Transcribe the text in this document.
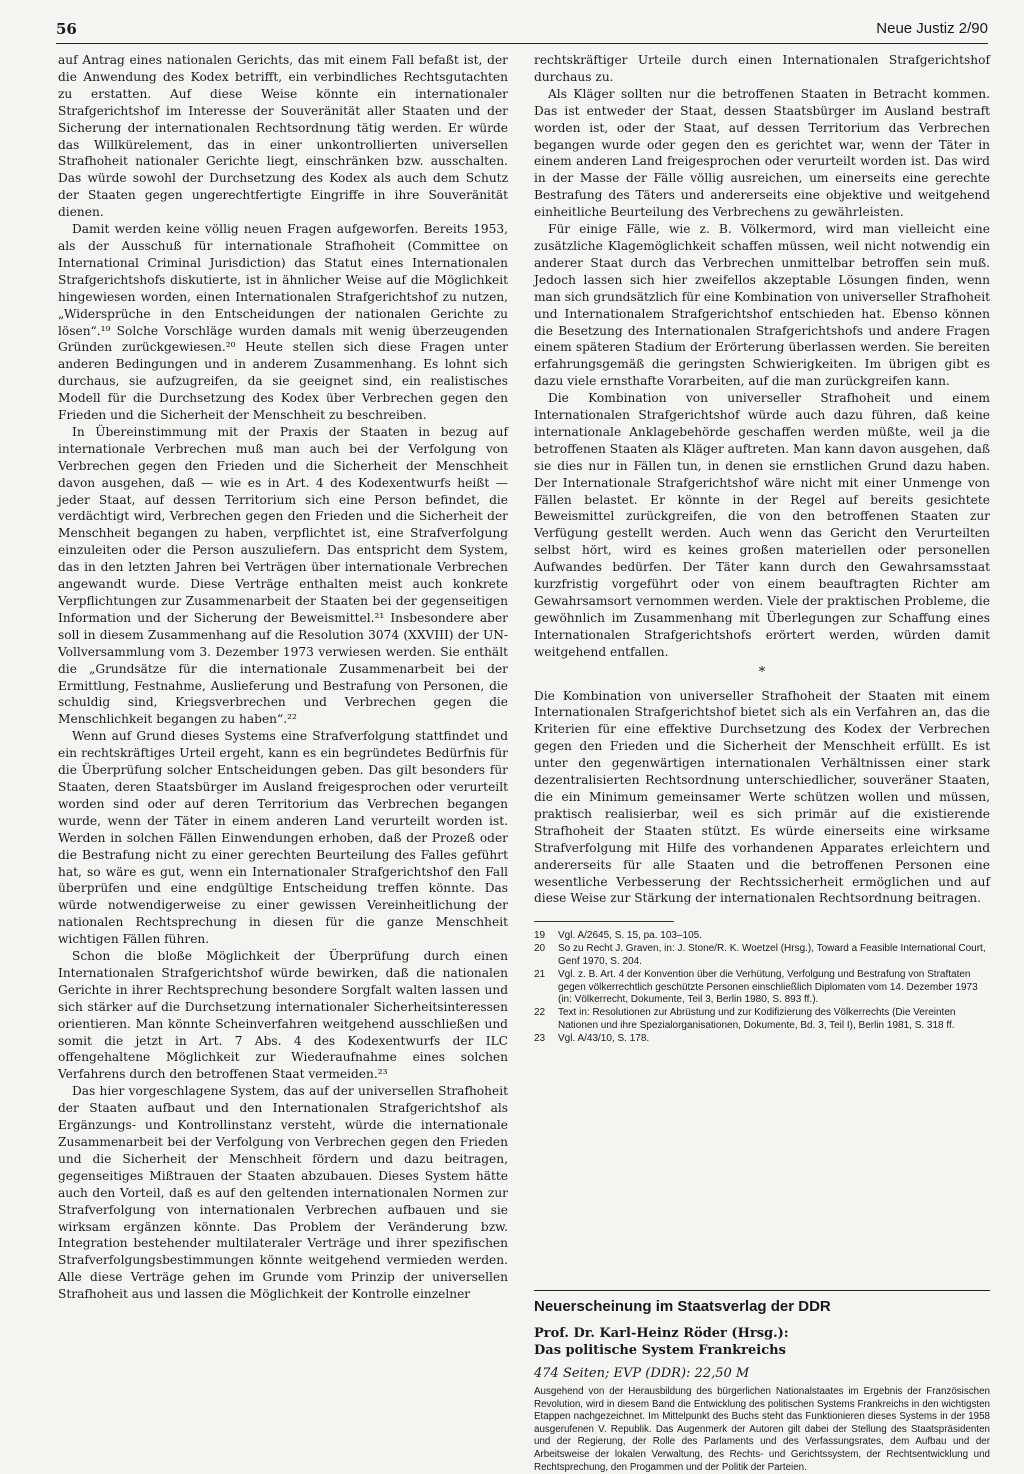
56	Neue Justiz 2/90

auf Antrag eines nationalen Gerichts, das mit einem Fall befaßt ist, der die Anwendung des Kodex betrifft, ein verbindliches Rechtsgutachten zu erstatten. Auf diese Weise könnte ein internationaler Strafgerichtshof im Interesse der Souveränität aller Staaten und der Sicherung der internationalen Rechtsordnung tätig werden. Er würde das Willkürelement, das in einer unkontrollierten universellen Strafhoheit nationaler Gerichte liegt, einschränken bzw. ausschalten. Das würde sowohl der Durchsetzung des Kodex als auch dem Schutz der Staaten gegen ungerechtfertigte Eingriffe in ihre Souveränität dienen.

Damit werden keine völlig neuen Fragen aufgeworfen. Bereits 1953, als der Ausschuß für internationale Strafhoheit (Committee on International Criminal Jurisdiction) das Statut eines Internationalen Strafgerichtshofs diskutierte, ist in ähnlicher Weise auf die Möglichkeit hingewiesen worden, einen Internationalen Strafgerichtshof zu nutzen, „Widersprüche in den Entscheidungen der nationalen Gerichte zu lösen“.¹⁹ Solche Vorschläge wurden damals mit wenig überzeugenden Gründen zurückgewiesen.²⁰ Heute stellen sich diese Fragen unter anderen Bedingungen und in anderem Zusammenhang. Es lohnt sich durchaus, sie aufzugreifen, da sie geeignet sind, ein realistisches Modell für die Durchsetzung des Kodex über Verbrechen gegen den Frieden und die Sicherheit der Menschheit zu beschreiben.

In Übereinstimmung mit der Praxis der Staaten in bezug auf internationale Verbrechen muß man auch bei der Verfolgung von Verbrechen gegen den Frieden und die Sicherheit der Menschheit davon ausgehen, daß — wie es in Art. 4 des Kodexentwurfs heißt — jeder Staat, auf dessen Territorium sich eine Person befindet, die verdächtigt wird, Verbrechen gegen den Frieden und die Sicherheit der Menschheit begangen zu haben, verpflichtet ist, eine Strafverfolgung einzuleiten oder die Person auszuliefern. Das entspricht dem System, das in den letzten Jahren bei Verträgen über internationale Verbrechen angewandt wurde. Diese Verträge enthalten meist auch konkrete Verpflichtungen zur Zusammenarbeit der Staaten bei der gegenseitigen Information und der Sicherung der Beweismittel.²¹ Insbesondere aber soll in diesem Zusammenhang auf die Resolution 3074 (XXVIII) der UN-Vollversammlung vom 3. Dezember 1973 verwiesen werden. Sie enthält die „Grundsätze für die internationale Zusammenarbeit bei der Ermittlung, Festnahme, Auslieferung und Bestrafung von Personen, die schuldig sind, Kriegsverbrechen und Verbrechen gegen die Menschlichkeit begangen zu haben“.²²

Wenn auf Grund dieses Systems eine Strafverfolgung stattfindet und ein rechtskräftiges Urteil ergeht, kann es ein begründetes Bedürfnis für die Überprüfung solcher Entscheidungen geben. Das gilt besonders für Staaten, deren Staatsbürger im Ausland freigesprochen oder verurteilt worden sind oder auf deren Territorium das Verbrechen begangen wurde, wenn der Täter in einem anderen Land verurteilt worden ist. Werden in solchen Fällen Einwendungen erhoben, daß der Prozeß oder die Bestrafung nicht zu einer gerechten Beurteilung des Falles geführt hat, so wäre es gut, wenn ein Internationaler Strafgerichtshof den Fall überprüfen und eine endgültige Entscheidung treffen könnte. Das würde notwendigerweise zu einer gewissen Vereinheitlichung der nationalen Rechtsprechung in diesen für die ganze Menschheit wichtigen Fällen führen.

Schon die bloße Möglichkeit der Überprüfung durch einen Internationalen Strafgerichtshof würde bewirken, daß die nationalen Gerichte in ihrer Rechtsprechung besondere Sorgfalt walten lassen und sich stärker auf die Durchsetzung internationaler Sicherheitsinteressen orientieren. Man könnte Scheinverfahren weitgehend ausschließen und somit die jetzt in Art. 7 Abs. 4 des Kodexentwurfs der ILC offengehaltene Möglichkeit zur Wiederaufnahme eines solchen Verfahrens durch den betroffenen Staat vermeiden.²³

Das hier vorgeschlagene System, das auf der universellen Strafhoheit der Staaten aufbaut und den Internationalen Strafgerichtshof als Ergänzungs- und Kontrollinstanz versteht, würde die internationale Zusammenarbeit bei der Verfolgung von Verbrechen gegen den Frieden und die Sicherheit der Menschheit fördern und dazu beitragen, gegenseitiges Mißtrauen der Staaten abzubauen. Dieses System hätte auch den Vorteil, daß es auf den geltenden internationalen Normen zur Strafverfolgung von internationalen Verbrechen aufbauen und sie wirksam ergänzen könnte. Das Problem der Veränderung bzw. Integration bestehender multilateraler Verträge und ihrer spezifischen Strafverfolgungsbestimmungen könnte weitgehend vermieden werden. Alle diese Verträge gehen im Grunde vom Prinzip der universellen Strafhoheit aus und lassen die Möglichkeit der Kontrolle einzelner

rechtskräftiger Urteile durch einen Internationalen Strafgerichtshof durchaus zu.

Als Kläger sollten nur die betroffenen Staaten in Betracht kommen. Das ist entweder der Staat, dessen Staatsbürger im Ausland bestraft worden ist, oder der Staat, auf dessen Territorium das Verbrechen begangen wurde oder gegen den es gerichtet war, wenn der Täter in einem anderen Land freigesprochen oder verurteilt worden ist. Das wird in der Masse der Fälle völlig ausreichen, um einerseits eine gerechte Bestrafung des Täters und andererseits eine objektive und weitgehend einheitliche Beurteilung des Verbrechens zu gewährleisten.

Für einige Fälle, wie z. B. Völkermord, wird man vielleicht eine zusätzliche Klagemöglichkeit schaffen müssen, weil nicht notwendig ein anderer Staat durch das Verbrechen unmittelbar betroffen sein muß. Jedoch lassen sich hier zweifellos akzeptable Lösungen finden, wenn man sich grundsätzlich für eine Kombination von universeller Strafhoheit und Internationalem Strafgerichtshof entschieden hat. Ebenso können die Besetzung des Internationalen Strafgerichtshofs und andere Fragen einem späteren Stadium der Erörterung überlassen werden. Sie bereiten erfahrungsgemäß die geringsten Schwierigkeiten. Im übrigen gibt es dazu viele ernsthafte Vorarbeiten, auf die man zurückgreifen kann.

Die Kombination von universeller Strafhoheit und einem Internationalen Strafgerichtshof würde auch dazu führen, daß keine internationale Anklagebehörde geschaffen werden müßte, weil ja die betroffenen Staaten als Kläger auftreten. Man kann davon ausgehen, daß sie dies nur in Fällen tun, in denen sie ernstlichen Grund dazu haben. Der Internationale Strafgerichtshof wäre nicht mit einer Unmenge von Fällen belastet. Er könnte in der Regel auf bereits gesichtete Beweismittel zurückgreifen, die von den betroffenen Staaten zur Verfügung gestellt werden. Auch wenn das Gericht den Verurteilten selbst hört, wird es keines großen materiellen oder personellen Aufwandes bedürfen. Der Täter kann durch den Gewahrsamsstaat kurzfristig vorgeführt oder von einem beauftragten Richter am Gewahrsamsort vernommen werden. Viele der praktischen Probleme, die gewöhnlich im Zusammenhang mit Überlegungen zur Schaffung eines Internationalen Strafgerichtshofs erörtert werden, würden damit weitgehend entfallen.

*

Die Kombination von universeller Strafhoheit der Staaten mit einem Internationalen Strafgerichtshof bietet sich als ein Verfahren an, das die Kriterien für eine effektive Durchsetzung des Kodex der Verbrechen gegen den Frieden und die Sicherheit der Menschheit erfüllt. Es ist unter den gegenwärtigen internationalen Verhältnissen einer stark dezentralisierten Rechtsordnung unterschiedlicher, souveräner Staaten, die ein Minimum gemeinsamer Werte schützen wollen und müssen, praktisch realisierbar, weil es sich primär auf die existierende Strafhoheit der Staaten stützt. Es würde einerseits eine wirksame Strafverfolgung mit Hilfe des vorhandenen Apparates erleichtern und andererseits für alle Staaten und die betroffenen Personen eine wesentliche Verbesserung der Rechtssicherheit ermöglichen und auf diese Weise zur Stärkung der internationalen Rechtsordnung beitragen.

19	Vgl. A/2645, S. 15, pa. 103–105.
20	So zu Recht J. Graven, in: J. Stone/R. K. Woetzel (Hrsg.), Toward a Feasible International Court, Genf 1970, S. 204.
21	Vgl. z. B. Art. 4 der Konvention über die Verhütung, Verfolgung und Bestrafung von Straftaten gegen völkerrechtlich geschützte Personen einschließlich Diplomaten vom 14. Dezember 1973 (in: Völkerrecht, Dokumente, Teil 3, Berlin 1980, S. 893 ff.).
22	Text in: Resolutionen zur Abrüstung und zur Kodifizierung des Völkerrechts (Die Vereinten Nationen und ihre Spezialorganisationen, Dokumente, Bd. 3, Teil I), Berlin 1981, S. 318 ff.
23	Vgl. A/43/10, S. 178.
Neuerscheinung im Staatsverlag der DDR
Prof. Dr. Karl-Heinz Röder (Hrsg.):
Das politische System Frankreichs
474 Seiten; EVP (DDR): 22,50 M
Ausgehend von der Herausbildung des bürgerlichen Nationalstaates im Ergebnis der Französischen Revolution, wird in diesem Band die Entwicklung des politischen Systems Frankreichs in den wichtigsten Etappen nachgezeichnet. Im Mittelpunkt des Buchs steht das Funktionieren dieses Systems in der 1958 ausgerufenen V. Republik. Das Augenmerk der Autoren gilt dabei der Stellung des Staatspräsidenten und der Regierung, der Rolle des Parlaments und des Verfassungsrates, dem Aufbau und der Arbeitsweise der lokalen Verwaltung, des Rechts- und Gerichtssystem, der Rechtsentwicklung und Rechtsprechung, den Progammen und der Politik der Parteien.
